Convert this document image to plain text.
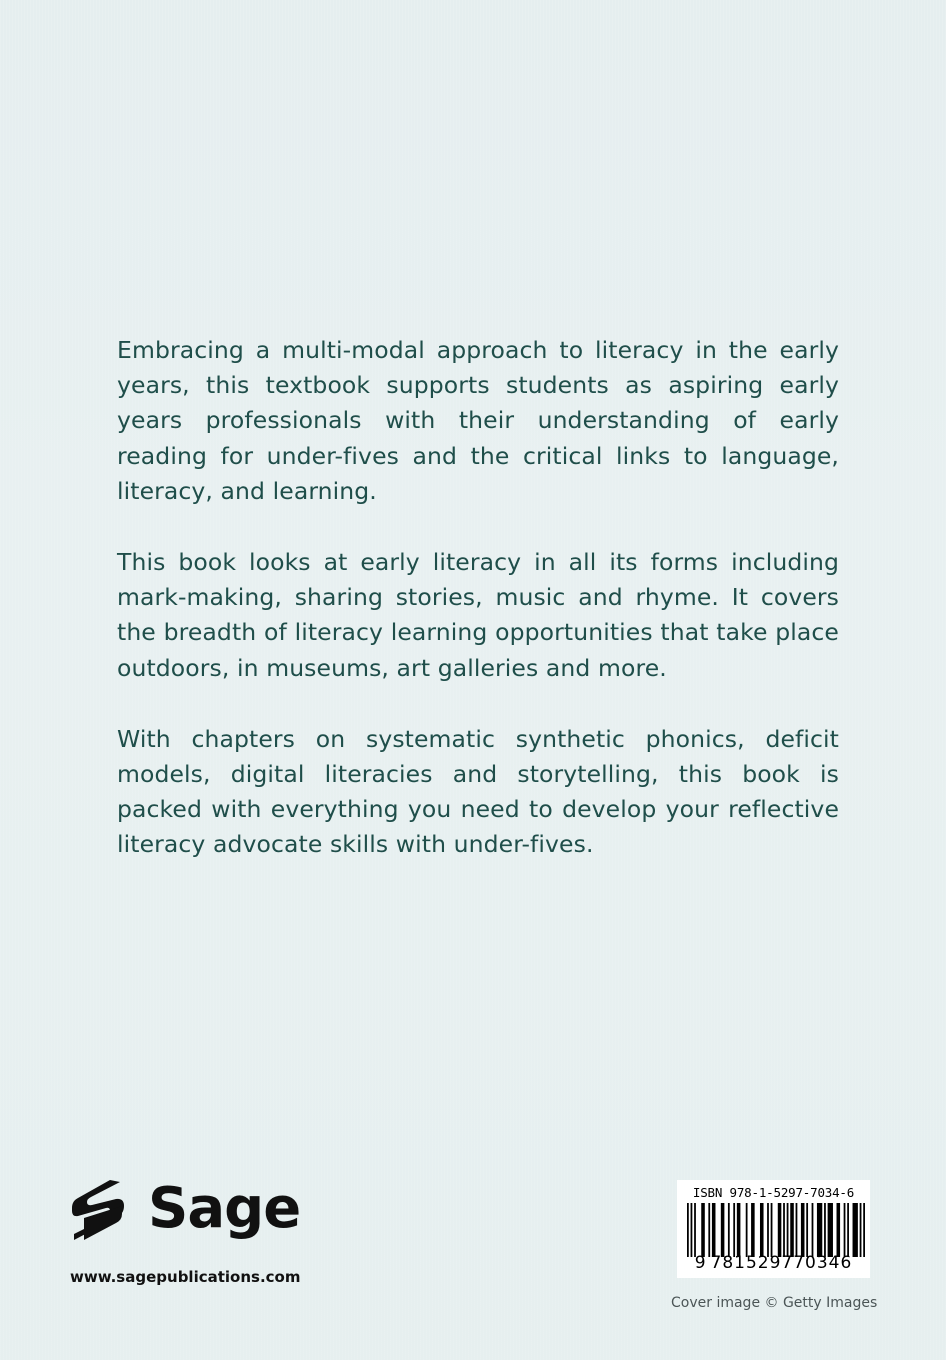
Embracing a multi-modal approach to literacy in the early years, this textbook supports students as aspiring early years professionals with their understanding of early reading for under-fives and the critical links to language, literacy, and learning.

This book looks at early literacy in all its forms including mark-making, sharing stories, music and rhyme. It covers the breadth of literacy learning opportunities that take place outdoors, in museums, art galleries and more.

With chapters on systematic synthetic phonics, deficit models, digital literacies and storytelling, this book is packed with everything you need to develop your reflective literacy advocate skills with under-fives.

Sage
www.sagepublications.com
ISBN 978-1-5297-7034-6
9 781529770346
Cover image © Getty Images
